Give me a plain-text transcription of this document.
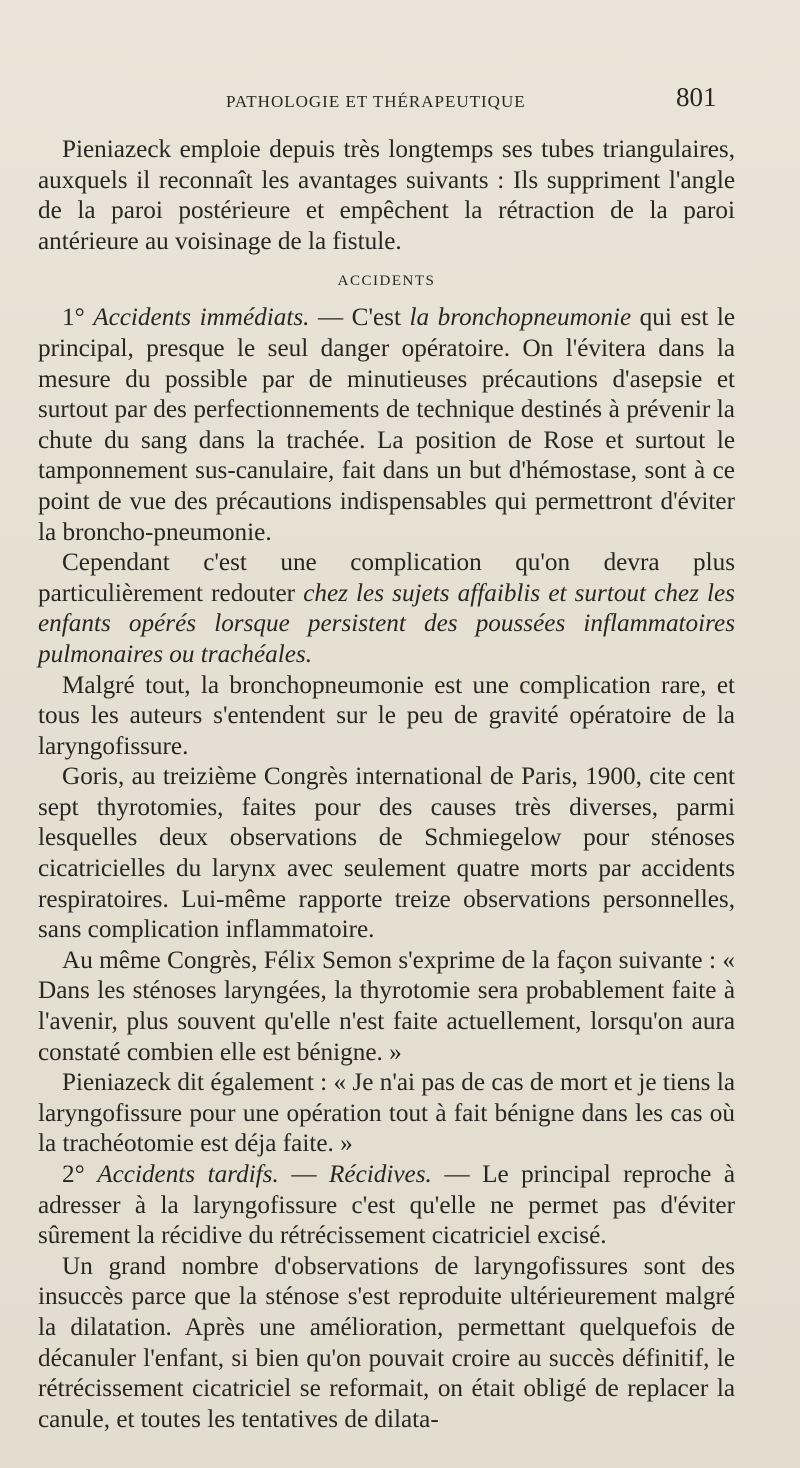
PATHOLOGIE ET THÉRAPEUTIQUE	801

Pieniazeck emploie depuis très longtemps ses tubes triangulaires, auxquels il reconnaît les avantages suivants : Ils suppriment l'angle de la paroi postérieure et empêchent la rétraction de la paroi antérieure au voisinage de la fistule.

ACCIDENTS

1° Accidents immédiats. — C'est la bronchopneumonie qui est le principal, presque le seul danger opératoire. On l'évitera dans la mesure du possible par de minutieuses précautions d'asepsie et surtout par des perfectionnements de technique destinés à prévenir la chute du sang dans la trachée. La position de Rose et surtout le tamponnement sus-canulaire, fait dans un but d'hémostase, sont à ce point de vue des précautions indispensables qui permettront d'éviter la broncho-pneumonie.

Cependant c'est une complication qu'on devra plus particulièrement redouter chez les sujets affaiblis et surtout chez les enfants opérés lorsque persistent des poussées inflammatoires pulmonaires ou trachéales.

Malgré tout, la bronchopneumonie est une complication rare, et tous les auteurs s'entendent sur le peu de gravité opératoire de la laryngofissure.

Goris, au treizième Congrès international de Paris, 1900, cite cent sept thyrotomies, faites pour des causes très diverses, parmi lesquelles deux observations de Schmiegelow pour sténoses cicatricielles du larynx avec seulement quatre morts par accidents respiratoires. Lui-même rapporte treize observations personnelles, sans complication inflammatoire.

Au même Congrès, Félix Semon s'exprime de la façon suivante : « Dans les sténoses laryngées, la thyrotomie sera probablement faite à l'avenir, plus souvent qu'elle n'est faite actuellement, lorsqu'on aura constaté combien elle est bénigne. »

Pieniazeck dit également : « Je n'ai pas de cas de mort et je tiens la laryngofissure pour une opération tout à fait bénigne dans les cas où la trachéotomie est déja faite. »

2° Accidents tardifs. — Récidives. — Le principal reproche à adresser à la laryngofissure c'est qu'elle ne permet pas d'éviter sûrement la récidive du rétrécissement cicatriciel excisé.

Un grand nombre d'observations de laryngofissures sont des insuccès parce que la sténose s'est reproduite ultérieurement malgré la dilatation. Après une amélioration, permettant quelquefois de décanuler l'enfant, si bien qu'on pouvait croire au succès définitif, le rétrécissement cicatriciel se reformait, on était obligé de replacer la canule, et toutes les tentatives de dilata-
